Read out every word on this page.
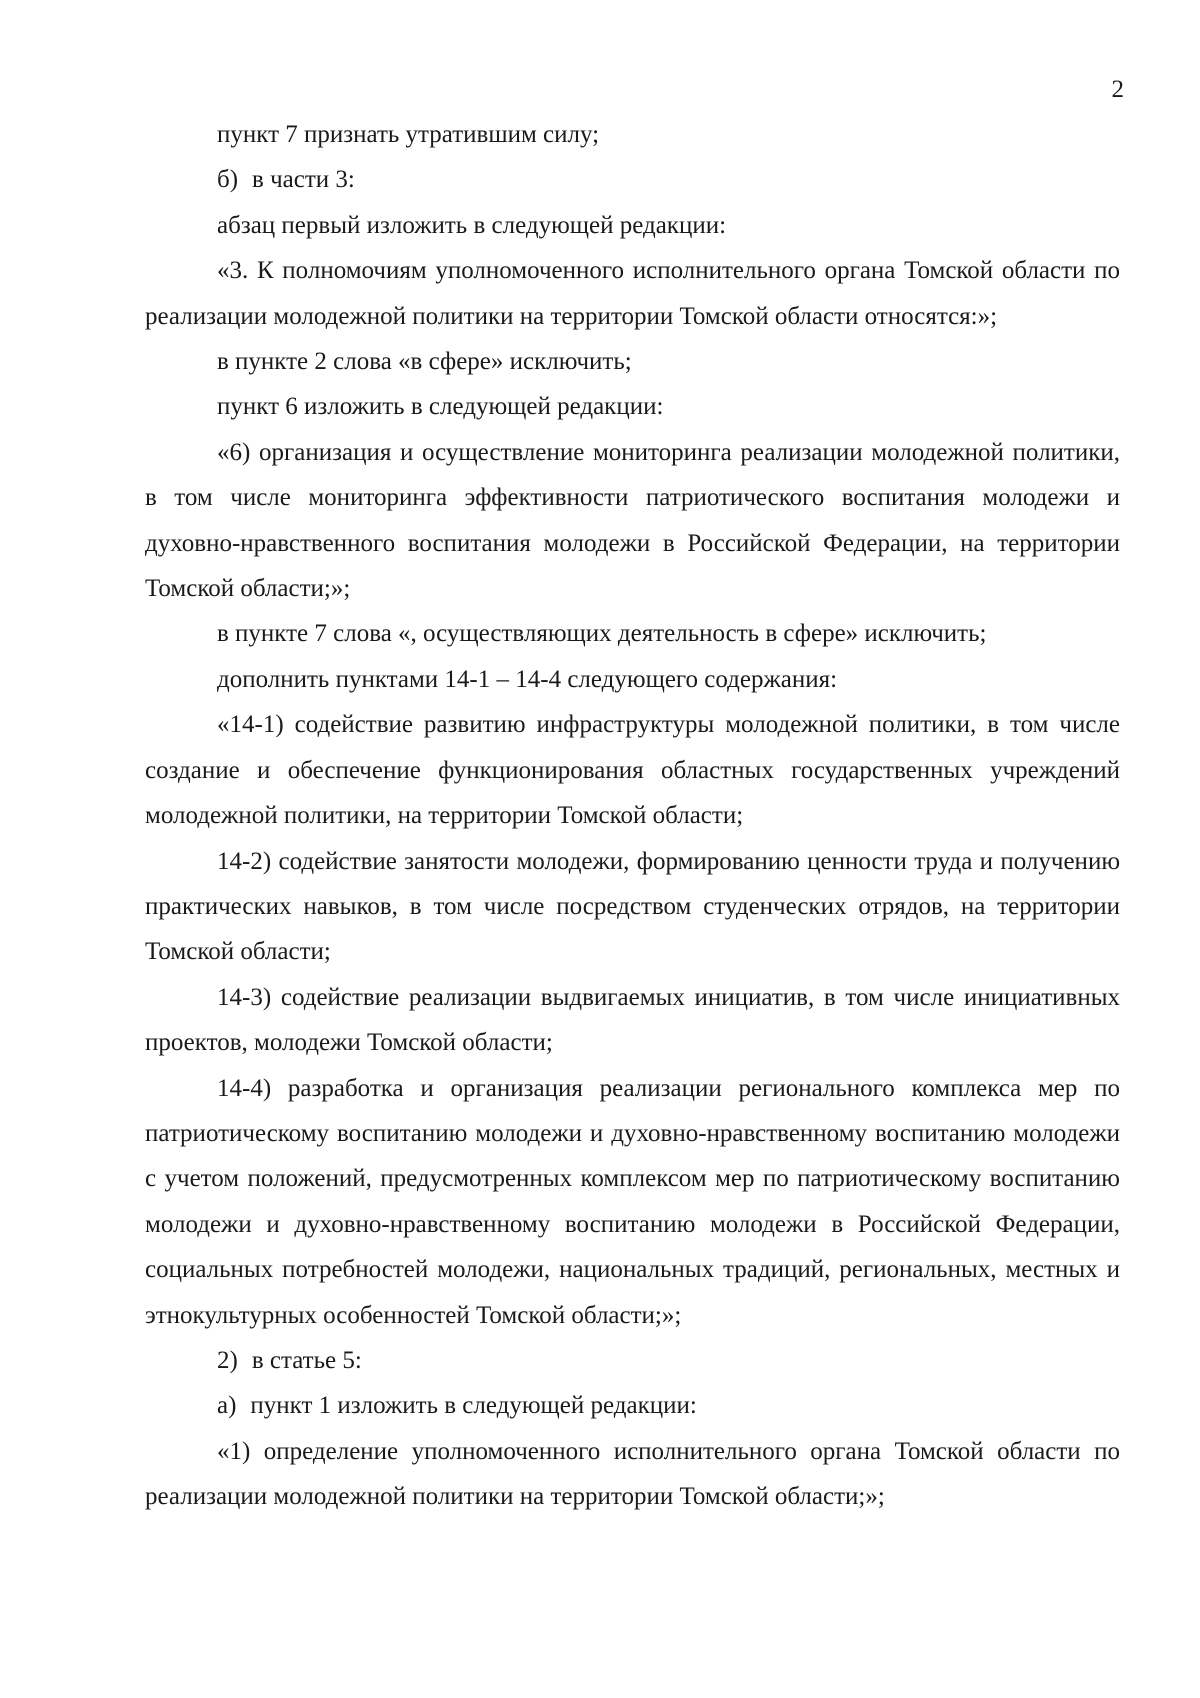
2

пункт 7 признать утратившим силу;

б) в части 3:

абзац первый изложить в следующей редакции:

«3. К полномочиям уполномоченного исполнительного органа Томской области по реализации молодежной политики на территории Томской области относятся:»;

в пункте 2 слова «в сфере» исключить;

пункт 6 изложить в следующей редакции:

«6) организация и осуществление мониторинга реализации молодежной политики, в том числе мониторинга эффективности патриотического воспитания молодежи и духовно-нравственного воспитания молодежи в Российской Федерации, на территории Томской области;»;

в пункте 7 слова «, осуществляющих деятельность в сфере» исключить;

дополнить пунктами 14-1 – 14-4 следующего содержания:

«14-1) содействие развитию инфраструктуры молодежной политики, в том числе создание и обеспечение функционирования областных государственных учреждений молодежной политики, на территории Томской области;

14-2) содействие занятости молодежи, формированию ценности труда и получению практических навыков, в том числе посредством студенческих отрядов, на территории Томской области;

14-3) содействие реализации выдвигаемых инициатив, в том числе инициативных проектов, молодежи Томской области;

14-4) разработка и организация реализации регионального комплекса мер по патриотическому воспитанию молодежи и духовно-нравственному воспитанию молодежи с учетом положений, предусмотренных комплексом мер по патриотическому воспитанию молодежи и духовно-нравственному воспитанию молодежи в Российской Федерации, социальных потребностей молодежи, национальных традиций, региональных, местных и этнокультурных особенностей Томской области;»;

2) в статье 5:

а) пункт 1 изложить в следующей редакции:

«1) определение уполномоченного исполнительного органа Томской области по реализации молодежной политики на территории Томской области;»;
